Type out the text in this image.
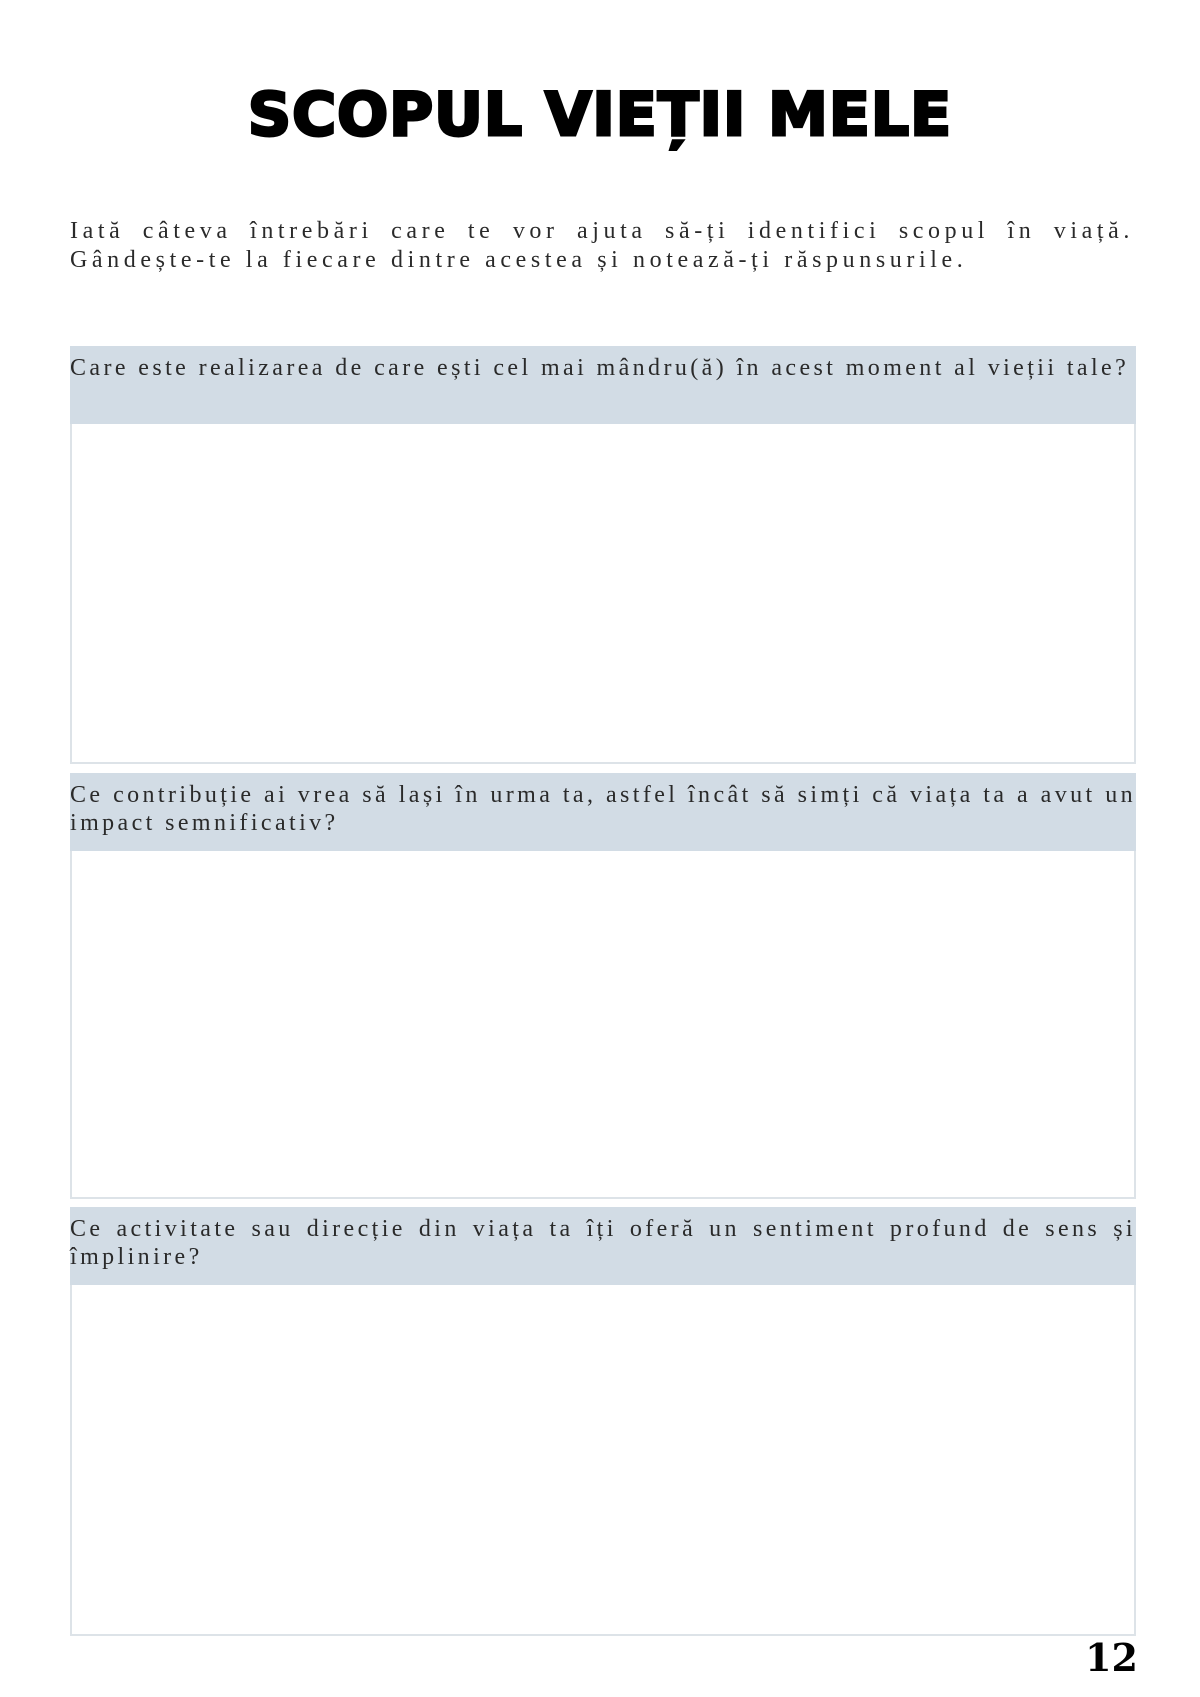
SCOPUL VIEȚII MELE

Iată câteva întrebări care te vor ajuta să-ți identifici scopul în viață. Gândește-te la fiecare dintre acestea și notează-ți răspunsurile.

Care este realizarea de care ești cel mai mândru(ă) în acest moment al vieții tale?
Ce contribuție ai vrea să lași în urma ta, astfel încât să simți că viața ta a avut un impact semnificativ?
Ce activitate sau direcție din viața ta îți oferă un sentiment profund de sens și împlinire?

12
